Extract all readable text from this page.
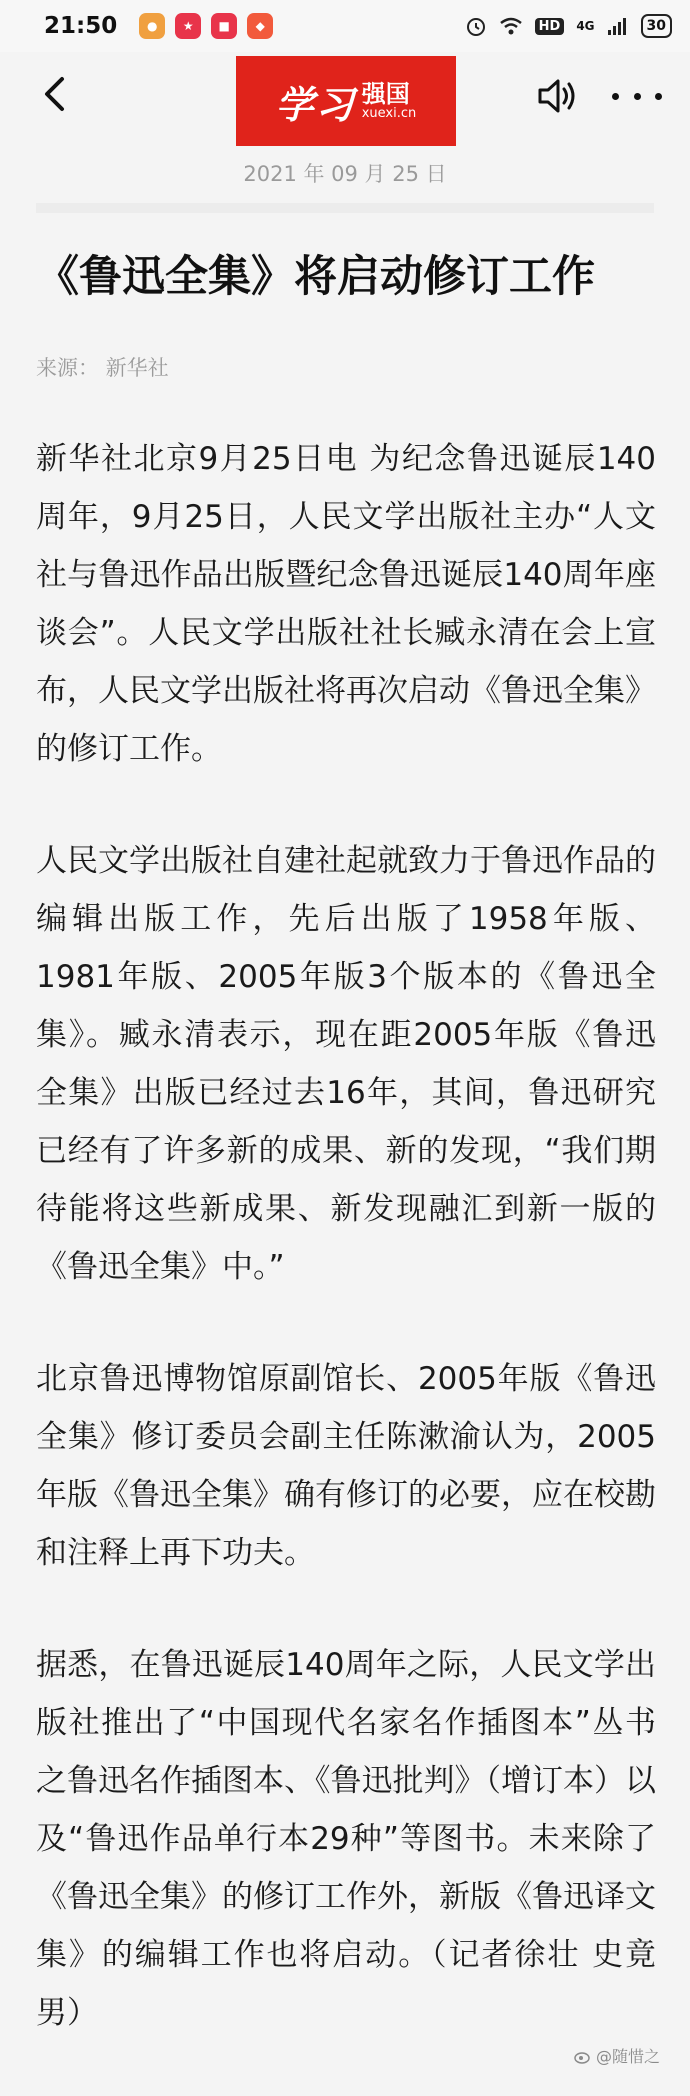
21:50	●	★	■	◆	HD	4G	30
学习 强国
xuexi.cn
2021 年 09 月 25 日
《鲁迅全集》将启动修订工作
来源： 新华社

新华社北京9月25日电 为纪念鲁迅诞辰140周年，9月25日，人民文学出版社主办“人文社与鲁迅作品出版暨纪念鲁迅诞辰140周年座谈会”。人民文学出版社社长臧永清在会上宣布，人民文学出版社将再次启动《鲁迅全集》的修订工作。

人民文学出版社自建社起就致力于鲁迅作品的编辑出版工作，先后出版了1958年版、1981年版、2005年版3个版本的《鲁迅全集》。臧永清表示，现在距2005年版《鲁迅全集》出版已经过去16年，其间，鲁迅研究已经有了许多新的成果、新的发现，“我们期待能将这些新成果、新发现融汇到新一版的《鲁迅全集》中。”

北京鲁迅博物馆原副馆长、2005年版《鲁迅全集》修订委员会副主任陈漱渝认为，2005年版《鲁迅全集》确有修订的必要，应在校勘和注释上再下功夫。

据悉，在鲁迅诞辰140周年之际，人民文学出版社推出了“中国现代名家名作插图本”丛书之鲁迅名作插图本、《鲁迅批判》（增订本）以及“鲁迅作品单行本29种”等图书。未来除了《鲁迅全集》的修订工作外，新版《鲁迅译文集》的编辑工作也将启动。（记者徐壮 史竟男）

@随惜之
